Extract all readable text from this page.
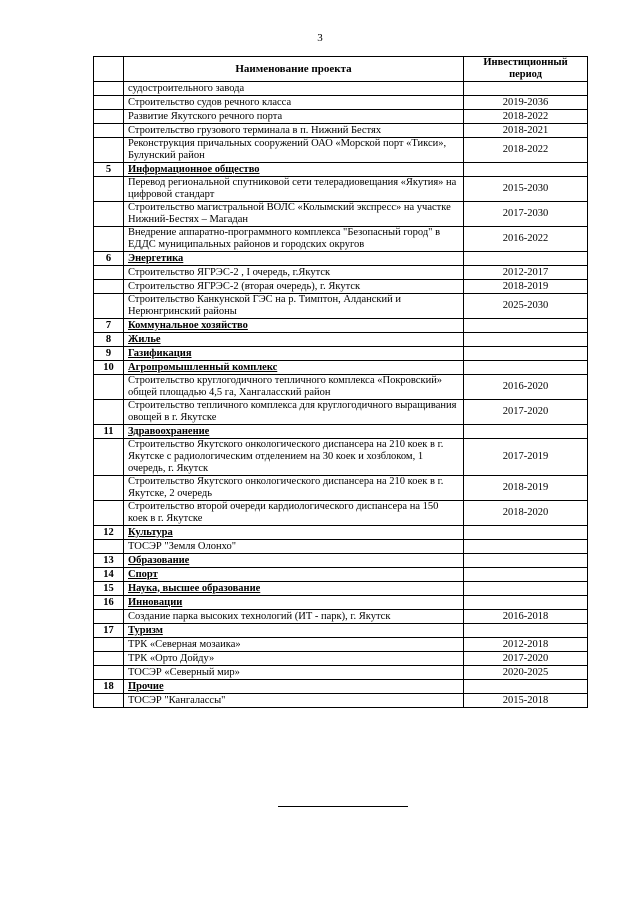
3
	Наименование проекта	Инвестиционный период
	судостроительного завода	
	Строительство судов речного класса	2019-2036
	Развитие Якутского речного порта	2018-2022
	Строительство грузового терминала в п. Нижний Бестях	2018-2021
	Реконструкция причальных сооружений ОАО «Морской порт «Тикси», Булунский район	2018-2022
5	Информационное общество	
	Перевод региональной спутниковой сети телерадиовещания «Якутия» на цифровой стандарт	2015-2030
	Строительство магистральной ВОЛС «Колымский экспресс» на участке Нижний-Бестях – Магадан	2017-2030
	Внедрение аппаратно-программного комплекса "Безопасный город" в ЕДДС муниципальных районов и городских округов	2016-2022
6	Энергетика	
	Строительство ЯГРЭС-2 , I очередь, г.Якутск	2012-2017
	Строительство ЯГРЭС-2 (вторая очередь), г. Якутск	2018-2019
	Строительство Канкунской ГЭС на р. Тимптон, Алданский и Нерюнгринский районы	2025-2030
7	Коммунальное хозяйство	
8	Жилье	
9	Газификация	
10	Агропромышленный комплекс	
	Строительство круглогодичного тепличного комплекса «Покровский» общей площадью 4,5 га, Хангаласский район	2016-2020
	Строительство тепличного комплекса для круглогодичного выращивания овощей в г. Якутске	2017-2020
11	Здравоохранение	
	Строительство Якутского онкологического диспансера на 210 коек в г. Якутске с радиологическим отделением на 30 коек и хозблоком, 1 очередь, г. Якутск	2017-2019
	Строительство Якутского онкологического диспансера на 210 коек в г. Якутске, 2 очередь	2018-2019
	Строительство второй очереди кардиологического диспансера на 150 коек в г. Якутске	2018-2020
12	Культура	
	ТОСЭР "Земля Олонхо"	
13	Образование	
14	Спорт	
15	Наука, высшее образование	
16	Инновации	
	Создание парка высоких технологий (ИТ - парк), г. Якутск	2016-2018
17	Туризм	
	ТРК «Северная мозаика»	2012-2018
	ТРК «Орто Дойду»	2017-2020
	ТОСЭР «Северный мир»	2020-2025
18	Прочие	
	ТОСЭР "Кангалассы"	2015-2018
